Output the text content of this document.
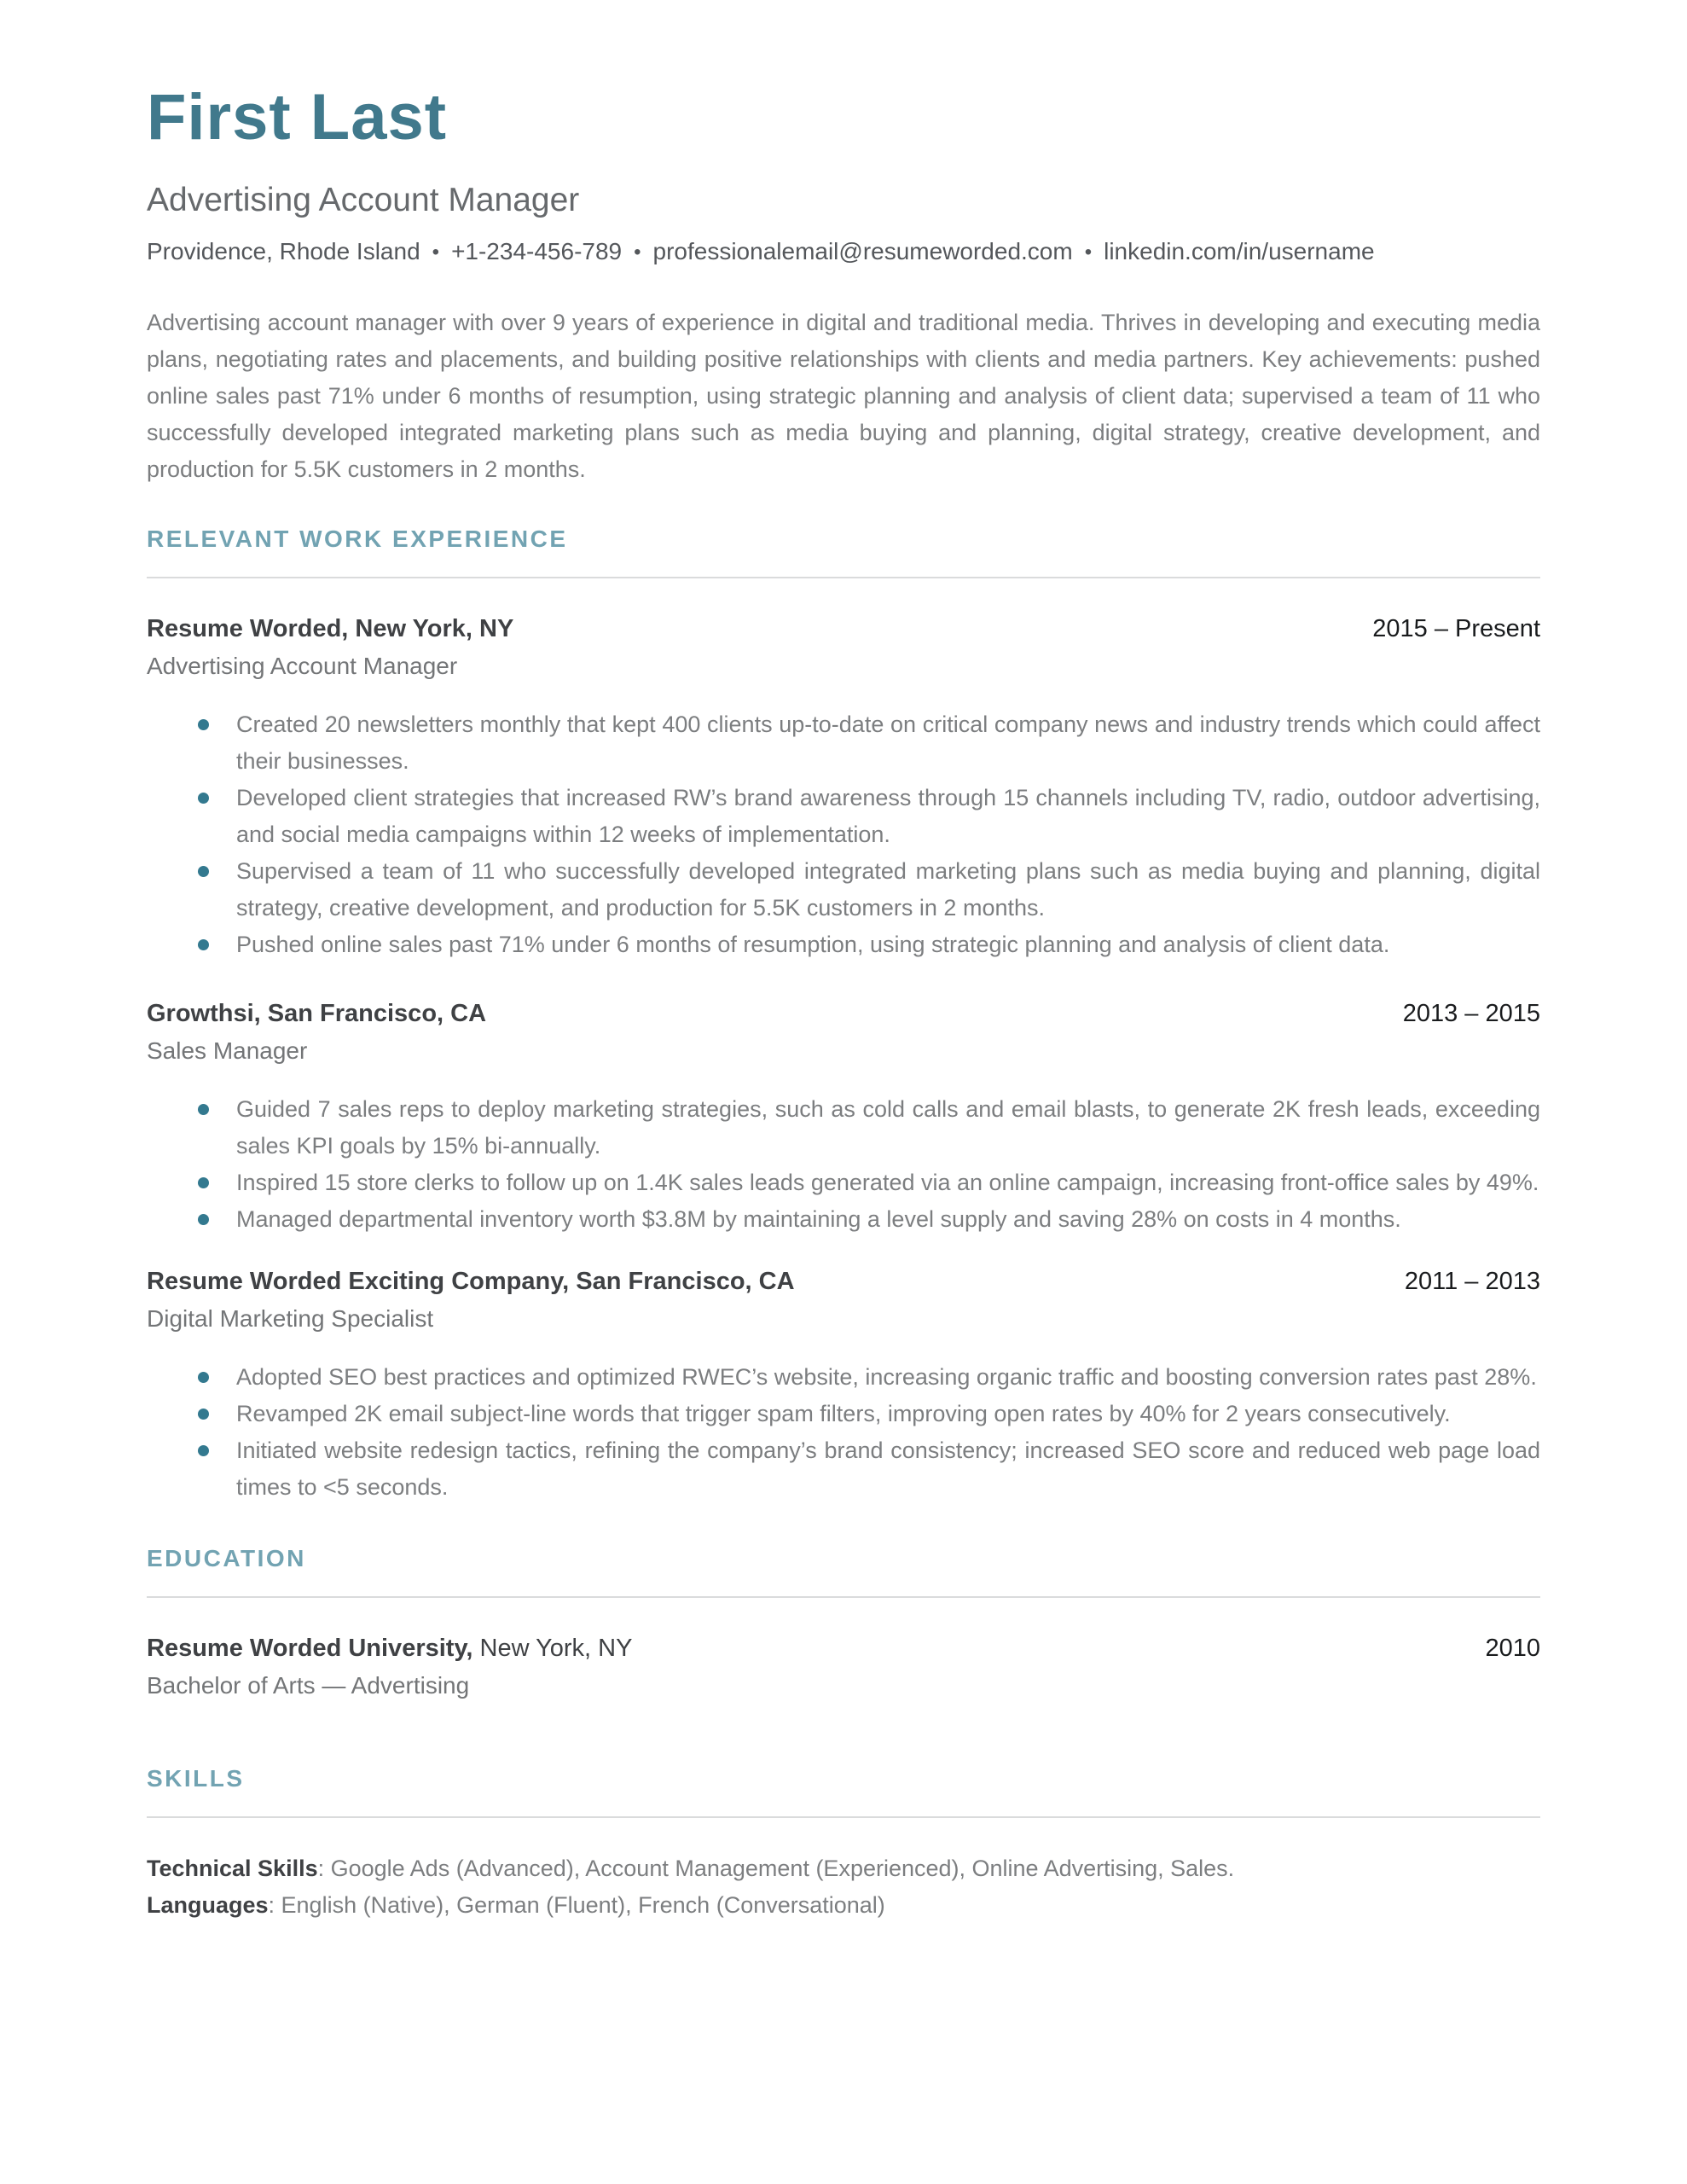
First Last
Advertising Account Manager
Providence, Rhode Island • +1-234-456-789 • professionalemail@resumeworded.com • linkedin.com/in/username

Advertising account manager with over 9 years of experience in digital and traditional media. Thrives in developing and executing media plans, negotiating rates and placements, and building positive relationships with clients and media partners. Key achievements: pushed online sales past 71% under 6 months of resumption, using strategic planning and analysis of client data; supervised a team of 11 who successfully developed integrated marketing plans such as media buying and planning, digital strategy, creative development, and production for 5.5K customers in 2 months.

RELEVANT WORK EXPERIENCE
Resume Worded, New York, NY	2015 – Present
Advertising Account Manager
Created 20 newsletters monthly that kept 400 clients up-to-date on critical company news and industry trends which could affect their businesses.
Developed client strategies that increased RW’s brand awareness through 15 channels including TV, radio, outdoor advertising, and social media campaigns within 12 weeks of implementation.
Supervised a team of 11 who successfully developed integrated marketing plans such as media buying and planning, digital strategy, creative development, and production for 5.5K customers in 2 months.
Pushed online sales past 71% under 6 months of resumption, using strategic planning and analysis of client data.
Growthsi, San Francisco, CA	2013 – 2015
Sales Manager
Guided 7 sales reps to deploy marketing strategies, such as cold calls and email blasts, to generate 2K fresh leads, exceeding sales KPI goals by 15% bi-annually.
Inspired 15 store clerks to follow up on 1.4K sales leads generated via an online campaign, increasing front-office sales by 49%.
Managed departmental inventory worth $3.8M by maintaining a level supply and saving 28% on costs in 4 months.
Resume Worded Exciting Company, San Francisco, CA	2011 – 2013
Digital Marketing Specialist
Adopted SEO best practices and optimized RWEC’s website, increasing organic traffic and boosting conversion rates past 28%.
Revamped 2K email subject-line words that trigger spam filters, improving open rates by 40% for 2 years consecutively.
Initiated website redesign tactics, refining the company’s brand consistency; increased SEO score and reduced web page load times to <5 seconds.
EDUCATION
Resume Worded University, New York, NY	2010
Bachelor of Arts — Advertising
SKILLS
Technical Skills: Google Ads (Advanced), Account Management (Experienced), Online Advertising, Sales.
Languages: English (Native), German (Fluent), French (Conversational)
